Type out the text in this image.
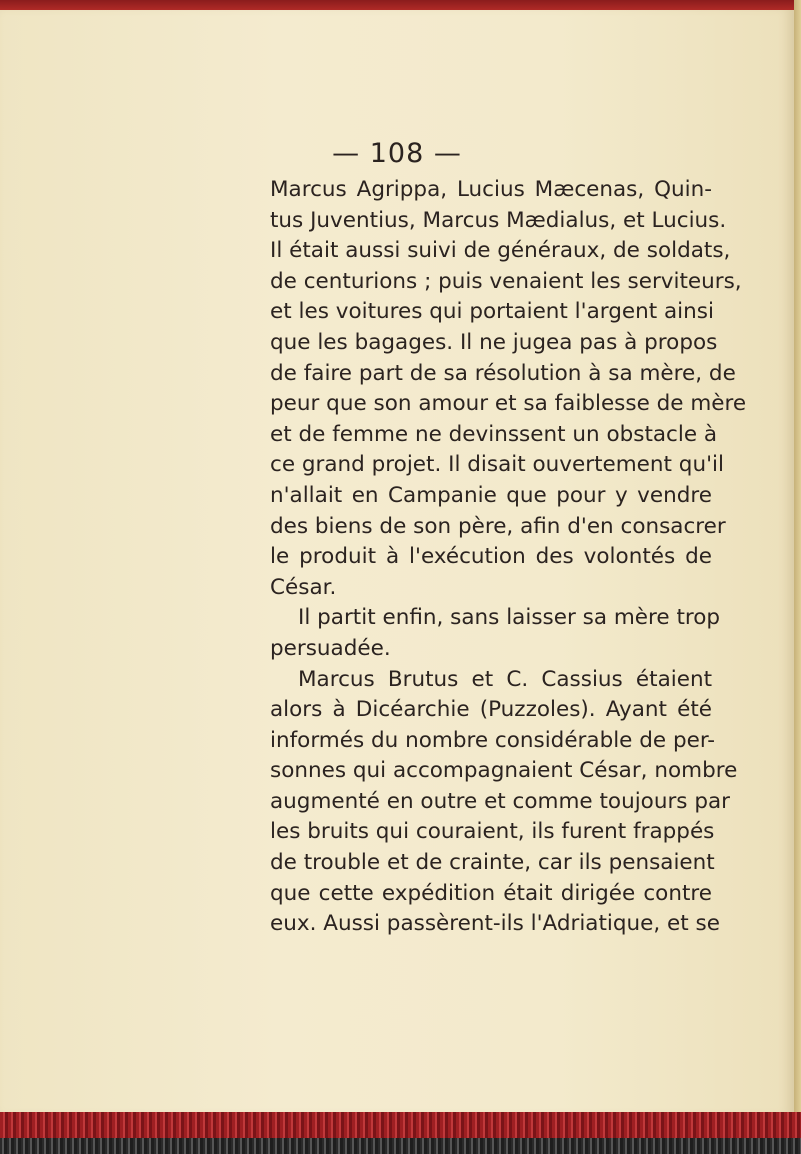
— 108 —
Marcus Agrippa, Lucius Mæcenas, Quin-
tus Juventius, Marcus Mædialus, et Lucius.
Il était aussi suivi de généraux, de soldats,
de centurions ; puis venaient les serviteurs,
et les voitures qui portaient l'argent ainsi
que les bagages. Il ne jugea pas à propos
de faire part de sa résolution à sa mère, de
peur que son amour et sa faiblesse de mère
et de femme ne devinssent un obstacle à
ce grand projet. Il disait ouvertement qu'il
n'allait en Campanie que pour y vendre
des biens de son père, afin d'en consacrer
le produit à l'exécution des volontés de
César.
Il partit enfin, sans laisser sa mère trop
persuadée.
Marcus Brutus et C. Cassius étaient
alors à Dicéarchie (Puzzoles). Ayant été
informés du nombre considérable de per-
sonnes qui accompagnaient César, nombre
augmenté en outre et comme toujours par
les bruits qui couraient, ils furent frappés
de trouble et de crainte, car ils pensaient
que cette expédition était dirigée contre
eux. Aussi passèrent-ils l'Adriatique, et se
